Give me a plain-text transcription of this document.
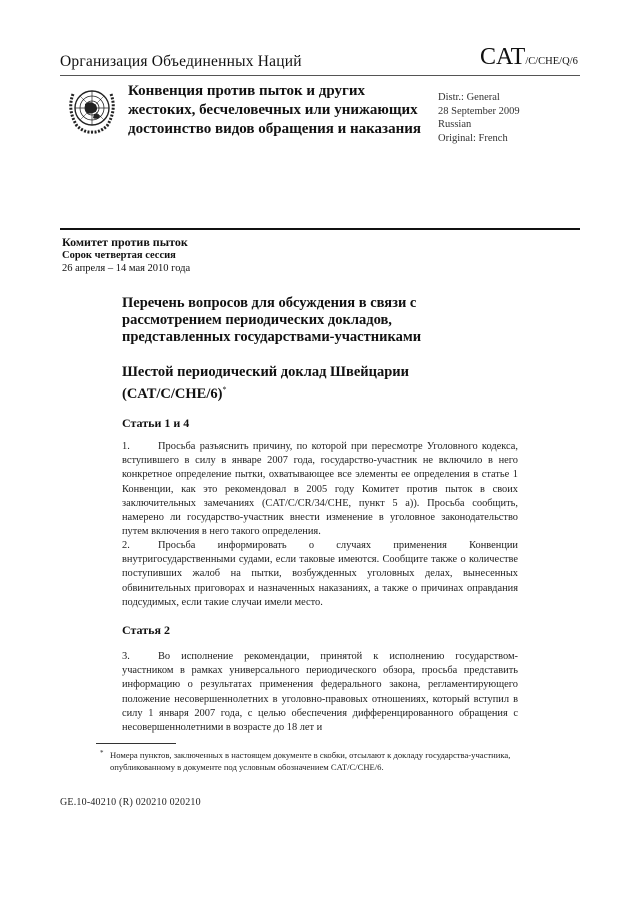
Организация Объединенных Наций	CAT/C/CHE/Q/6
Конвенция против пыток и других жестоких, бесчеловечных или унижающих достоинство видов обращения и наказания
Distr.: General
28 September 2009
Russian
Original: French
Комитет против пыток
Сорок четвертая сессия
26 апреля – 14 мая 2010 года
Перечень вопросов для обсуждения в связи с рассмотрением периодических докладов, представленных государствами-участниками
Шестой периодический доклад Швейцарии (CAT/C/CHE/6)*
Статьи 1 и 4
1.	Просьба разъяснить причину, по которой при пересмотре Уголовного кодекса, вступившего в силу в январе 2007 года, государство-участник не включило в него конкретное определение пытки, охватывающее все элементы ее определения в статье 1 Конвенции, как это рекомендовал в 2005 году Комитет против пыток в своих заключительных замечаниях (CAT/C/CR/34/CHE, пункт 5 a)). Просьба сообщить, намерено ли государство-участник внести изменение в уголовное законодательство путем включения в него такого определения.
2.	Просьба информировать о случаях применения Конвенции внутригосударственными судами, если таковые имеются. Сообщите также о количестве поступивших жалоб на пытки, возбужденных уголовных делах, вынесенных обвинительных приговорах и назначенных наказаниях, а также о причинах оправдания подсудимых, если такие случаи имели место.
Статья 2
3.	Во исполнение рекомендации, принятой к исполнению государством-участником в рамках универсального периодического обзора, просьба представить информацию о результатах применения федерального закона, регламентирующего положение несовершеннолетних в уголовно-правовых отношениях, который вступил в силу 1 января 2007 года, с целью обеспечения дифференцированного обращения с несовершеннолетними в возрасте до 18 лет и
* Номера пунктов, заключенных в настоящем документе в скобки, отсылают к докладу государства-участника, опубликованному в документе под условным обозначением CAT/C/CHE/6.
GE.10-40210 (R) 020210 020210
